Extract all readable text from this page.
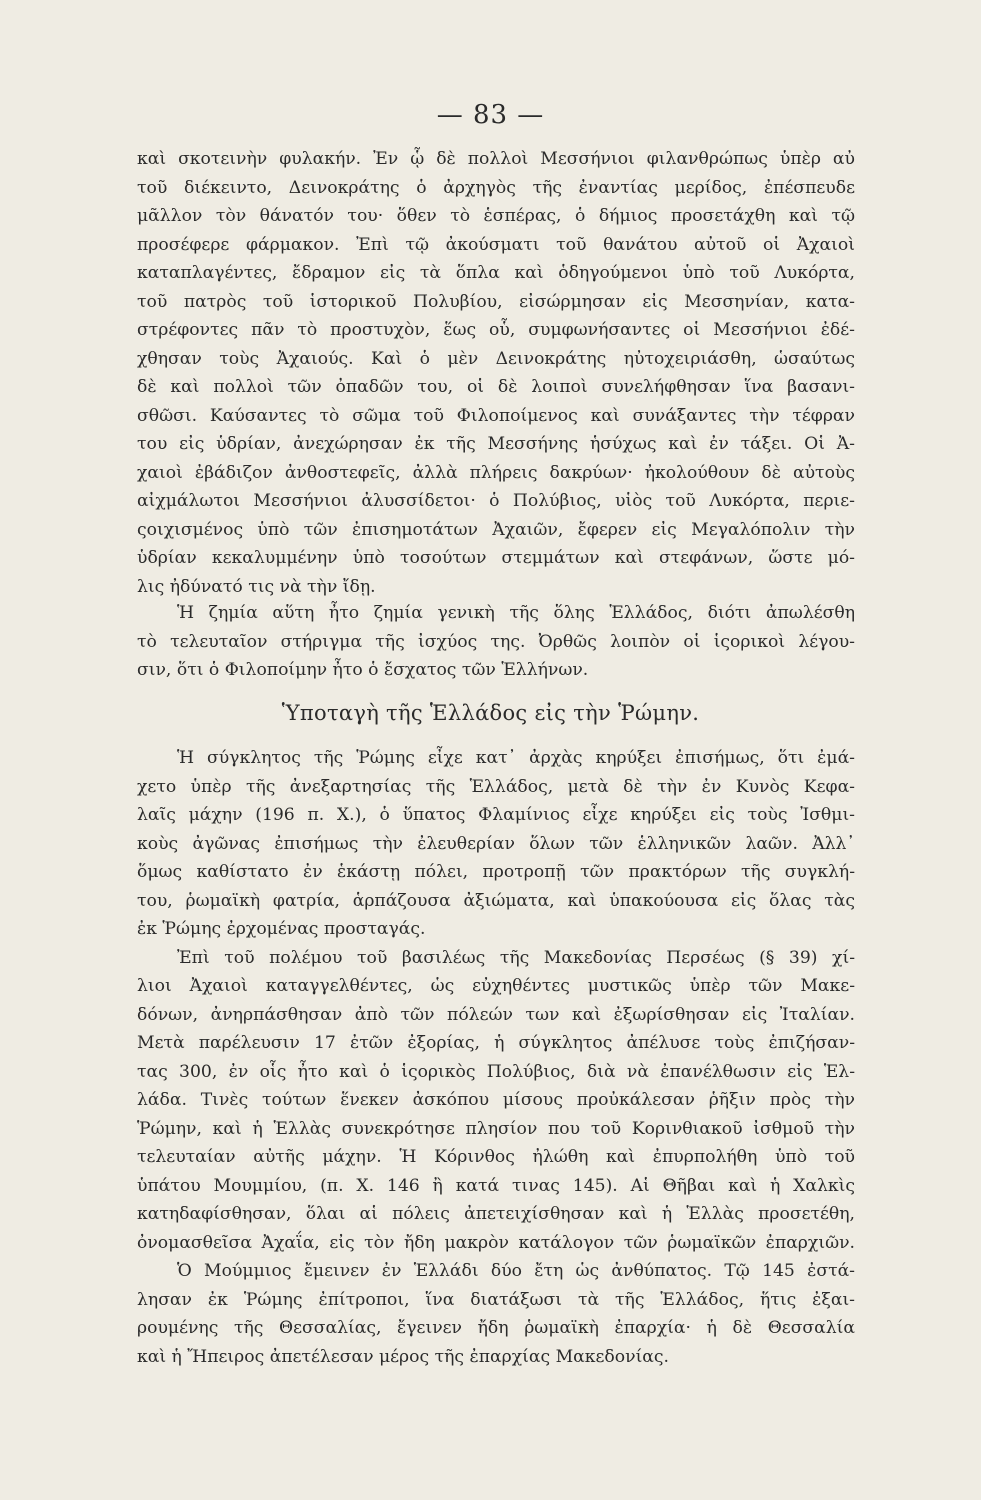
— 83 —
καὶ σκοτεινὴν φυλακήν. Ἐν ᾧ δὲ πολλοὶ Μεσσήνιοι φιλανθρώπως ὑπὲρ αὐ
τοῦ διέκειντο, Δεινοκράτης ὁ ἀρχηγὸς τῆς ἐναντίας μερίδος, ἐπέσπευδε
μᾶλλον τὸν θάνατόν του· ὅθεν τὸ ἑσπέρας, ὁ δήμιος προσετάχθη καὶ τῷ
προσέφερε φάρμακον. Ἐπὶ τῷ ἀκούσματι τοῦ θανάτου αὐτοῦ οἱ Ἀχαιοὶ
καταπλαγέντες, ἔδραμον εἰς τὰ ὅπλα καὶ ὁδηγούμενοι ὑπὸ τοῦ Λυκόρτα,
τοῦ πατρὸς τοῦ ἱστορικοῦ Πολυβίου, εἰσώρμησαν εἰς Μεσσηνίαν, κατα-
στρέφοντες πᾶν τὸ προστυχὸν, ἕως οὗ, συμφωνήσαντες οἱ Μεσσήνιοι ἐδέ-
χθησαν τοὺς Ἀχαιούς. Καὶ ὁ μὲν Δεινοκράτης ηὐτοχειριάσθη, ὡσαύτως
δὲ καὶ πολλοὶ τῶν ὀπαδῶν του, οἱ δὲ λοιποὶ συνελήφθησαν ἵνα βασανι-
σθῶσι. Καύσαντες τὸ σῶμα τοῦ Φιλοποίμενος καὶ συνάξαντες τὴν τέφραν
του εἰς ὑδρίαν, ἀνεχώρησαν ἐκ τῆς Μεσσήνης ἡσύχως καὶ ἐν τάξει. Οἱ Ἀ-
χαιοὶ ἐβάδιζον ἀνθοστεφεῖς, ἀλλὰ πλήρεις δακρύων· ἠκολούθουν δὲ αὐτοὺς
αἰχμάλωτοι Μεσσήνιοι ἀλυσσίδετοι· ὁ Πολύβιος, υἱὸς τοῦ Λυκόρτα, περιε-
ςοιχισμένος ὑπὸ τῶν ἐπισημοτάτων Ἀχαιῶν, ἔφερεν εἰς Μεγαλόπολιν τὴν
ὑδρίαν κεκαλυμμένην ὑπὸ τοσούτων στεμμάτων καὶ στεφάνων, ὥστε μό-
λις ἠδύνατό τις νὰ τὴν ἴδῃ.
Ἡ ζημία αὕτη ἦτο ζημία γενικὴ τῆς ὅλης Ἑλλάδος, διότι ἀπωλέσθη
τὸ τελευταῖον στήριγμα τῆς ἰσχύος της. Ὀρθῶς λοιπὸν οἱ ἱςορικοὶ λέγου-
σιν, ὅτι ὁ Φιλοποίμην ἦτο ὁ ἔσχατος τῶν Ἑλλήνων.
Ὑποταγὴ τῆς Ἑλλάδος εἰς τὴν Ῥώμην.
Ἡ σύγκλητος τῆς Ῥώμης εἶχε κατ᾽ ἀρχὰς κηρύξει ἐπισήμως, ὅτι ἐμά-
χετο ὑπὲρ τῆς ἀνεξαρτησίας τῆς Ἑλλάδος, μετὰ δὲ τὴν ἐν Κυνὸς Κεφα-
λαῖς μάχην (196 π. Χ.), ὁ ὕπατος Φλαμίνιος εἶχε κηρύξει εἰς τοὺς Ἰσθμι-
κοὺς ἀγῶνας ἐπισήμως τὴν ἐλευθερίαν ὅλων τῶν ἑλληνικῶν λαῶν. Ἀλλ᾽
ὅμως καθίστατο ἐν ἑκάστῃ πόλει, προτροπῇ τῶν πρακτόρων τῆς συγκλή-
του, ῥωμαϊκὴ φατρία, ἁρπάζουσα ἀξιώματα, καὶ ὑπακούουσα εἰς ὅλας τὰς
ἐκ Ῥώμης ἐρχομένας προσταγάς.
Ἐπὶ τοῦ πολέμου τοῦ βασιλέως τῆς Μακεδονίας Περσέως (§ 39) χί-
λιοι Ἀχαιοὶ καταγγελθέντες, ὡς εὐχηθέντες μυστικῶς ὑπὲρ τῶν Μακε-
δόνων, ἀνηρπάσθησαν ἀπὸ τῶν πόλεών των καὶ ἐξωρίσθησαν εἰς Ἰταλίαν.
Μετὰ παρέλευσιν 17 ἐτῶν ἐξορίας, ἡ σύγκλητος ἀπέλυσε τοὺς ἐπιζήσαν-
τας 300, ἐν οἷς ἦτο καὶ ὁ ἱςορικὸς Πολύβιος, διὰ νὰ ἐπανέλθωσιν εἰς Ἑλ-
λάδα. Τινὲς τούτων ἕνεκεν ἀσκόπου μίσους προὐκάλεσαν ῥῆξιν πρὸς τὴν
Ῥώμην, καὶ ἡ Ἑλλὰς συνεκρότησε πλησίον που τοῦ Κορινθιακοῦ ἰσθμοῦ τὴν
τελευταίαν αὐτῆς μάχην. Ἡ Κόρινθος ἠλώθη καὶ ἐπυρπολήθη ὑπὸ τοῦ
ὑπάτου Μουμμίου, (π. Χ. 146 ἢ κατά τινας 145). Αἱ Θῆβαι καὶ ἡ Χαλκὶς
κατηδαφίσθησαν, ὅλαι αἱ πόλεις ἀπετειχίσθησαν καὶ ἡ Ἑλλὰς προσετέθη,
ὀνομασθεῖσα Ἀχαΐα, εἰς τὸν ἤδη μακρὸν κατάλογον τῶν ῥωμαϊκῶν ἐπαρχιῶν.
Ὁ Μούμμιος ἔμεινεν ἐν Ἑλλάδι δύο ἔτη ὡς ἀνθύπατος. Τῷ 145 ἐστά-
λησαν ἐκ Ῥώμης ἐπίτροποι, ἵνα διατάξωσι τὰ τῆς Ἑλλάδος, ἥτις ἐξαι-
ρουμένης τῆς Θεσσαλίας, ἔγεινεν ἤδη ῥωμαϊκὴ ἐπαρχία· ἡ δὲ Θεσσαλία
καὶ ἡ Ἤπειρος ἀπετέλεσαν μέρος τῆς ἐπαρχίας Μακεδονίας.
